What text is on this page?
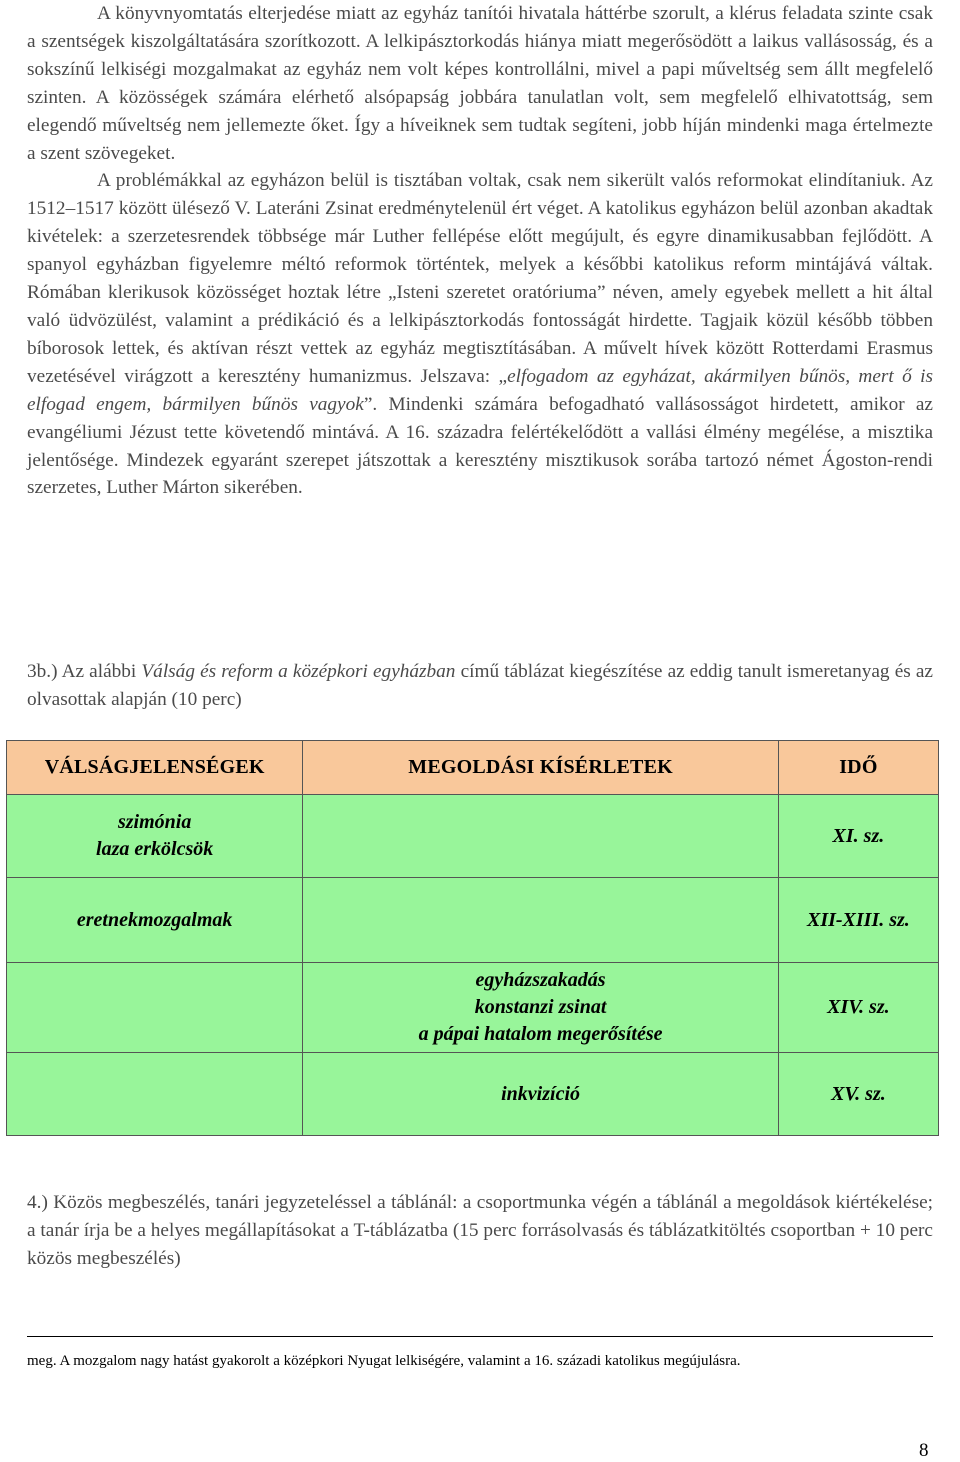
A könyvnyomtatás elterjedése miatt az egyház tanítói hivatala háttérbe szorult, a klérus feladata szinte csak a szentségek kiszolgáltatására szorítkozott. A lelkipásztorkodás hiánya miatt megerősödött a laikus vallásosság, és a sokszínű lelkiségi mozgalmakat az egyház nem volt képes kontrollálni, mivel a papi műveltség sem állt megfelelő szinten. A közösségek számára elérhető alsópapság jobbára tanulatlan volt, sem megfelelő elhivatottság, sem elegendő műveltség nem jellemezte őket. Így a híveiknek sem tudtak segíteni, jobb híján mindenki maga értelmezte a szent szövegeket.

A problémákkal az egyházon belül is tisztában voltak, csak nem sikerült valós reformokat elindítaniuk. Az 1512–1517 között ülésező V. Lateráni Zsinat eredménytelenül ért véget. A katolikus egyházon belül azonban akadtak kivételek: a szerzetesrendek többsége már Luther fellépése előtt megújult, és egyre dinamikusabban fejlődött. A spanyol egyházban figyelemre méltó reformok történtek, melyek a későbbi katolikus reform mintájává váltak. Rómában klerikusok közösséget hoztak létre „Isteni szeretet oratóriuma” néven, amely egyebek mellett a hit által való üdvözülést, valamint a prédikáció és a lelkipásztorkodás fontosságát hirdette. Tagjaik közül később többen bíborosok lettek, és aktívan részt vettek az egyház megtisztításában. A művelt hívek között Rotterdami Erasmus vezetésével virágzott a keresztény humanizmus. Jelszava: „elfogadom az egyházat, akármilyen bűnös, mert ő is elfogad engem, bármilyen bűnös vagyok”. Mindenki számára befogadható vallásosságot hirdetett, amikor az evangéliumi Jézust tette követendő mintává. A 16. századra felértékelődött a vallási élmény megélése, a misztika jelentősége. Mindezek egyaránt szerepet játszottak a keresztény misztikusok sorába tartozó német Ágoston-rendi szerzetes, Luther Márton sikerében.

3b.) Az alábbi Válság és reform a középkori egyházban című táblázat kiegészítése az eddig tanult ismeretanyag és az olvasottak alapján (10 perc)
VÁLSÁGJELENSÉGEK	MEGOLDÁSI KÍSÉRLETEK	IDŐ

szimónia
laza erkölcsök		XI. sz.

eretnekmozgalmak		XII-XIII. sz.

	egyházszakadás
konstanzi zsinat
a pápai hatalom megerősítése	XIV. sz.

	inkvizíció	XV. sz.
4.) Közös megbeszélés, tanári jegyzeteléssel a táblánál: a csoportmunka végén a táblánál a megoldások kiértékelése; a tanár írja be a helyes megállapításokat a T-táblázatba (15 perc forrásolvasás és táblázatkitöltés csoportban + 10 perc közös megbeszélés)

meg. A mozgalom nagy hatást gyakorolt a középkori Nyugat lelkiségére, valamint a 16. századi katolikus megújulásra.

8
